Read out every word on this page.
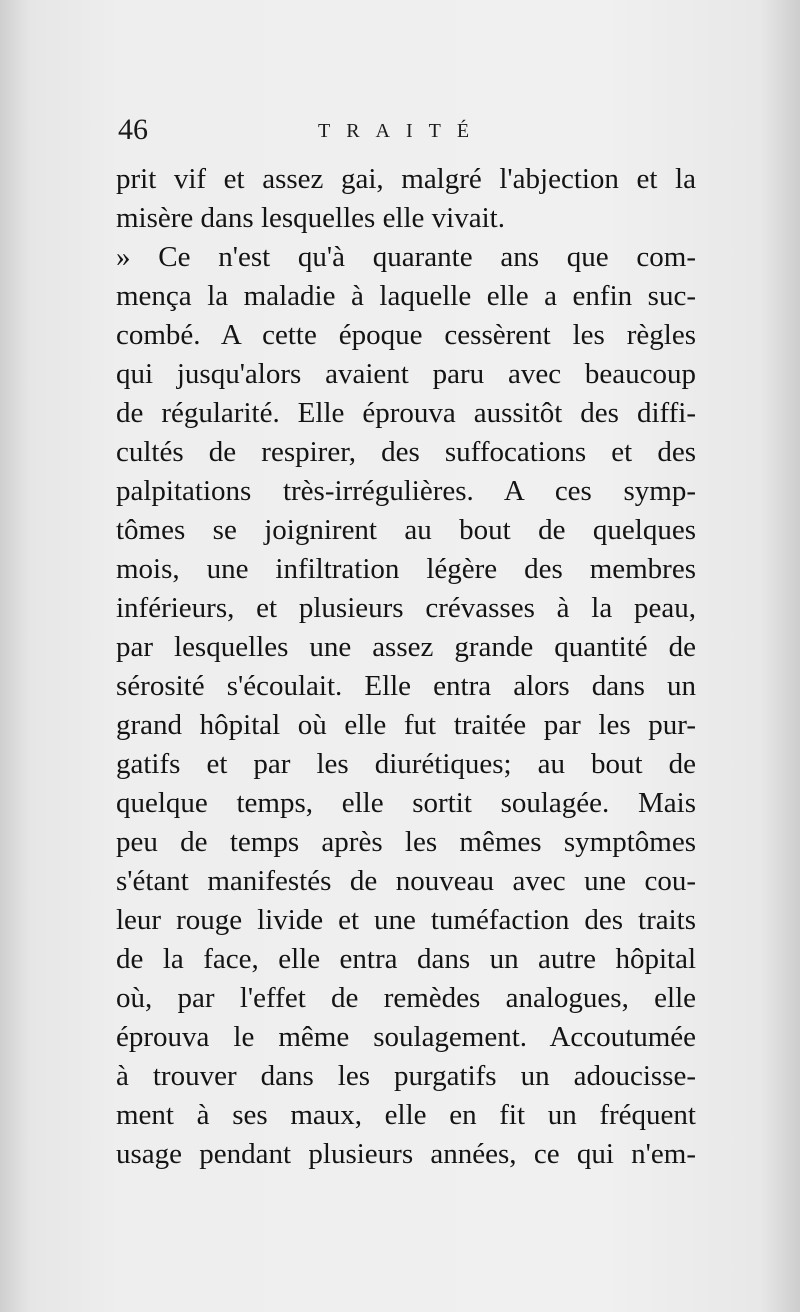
46	TRAITÉ
prit vif et assez gai, malgré l'abjection et la
misère dans lesquelles elle vivait.
» Ce n'est qu'à quarante ans que com-
mença la maladie à laquelle elle a enfin suc-
combé. A cette époque cessèrent les règles
qui jusqu'alors avaient paru avec beaucoup
de régularité. Elle éprouva aussitôt des diffi-
cultés de respirer, des suffocations et des
palpitations très-irrégulières. A ces symp-
tômes se joignirent au bout de quelques
mois, une infiltration légère des membres
inférieurs, et plusieurs crévasses à la peau,
par lesquelles une assez grande quantité de
sérosité s'écoulait. Elle entra alors dans un
grand hôpital où elle fut traitée par les pur-
gatifs et par les diurétiques; au bout de
quelque temps, elle sortit soulagée. Mais
peu de temps après les mêmes symptômes
s'étant manifestés de nouveau avec une cou-
leur rouge livide et une tuméfaction des traits
de la face, elle entra dans un autre hôpital
où, par l'effet de remèdes analogues, elle
éprouva le même soulagement. Accoutumée
à trouver dans les purgatifs un adoucisse-
ment à ses maux, elle en fit un fréquent
usage pendant plusieurs années, ce qui n'em-
